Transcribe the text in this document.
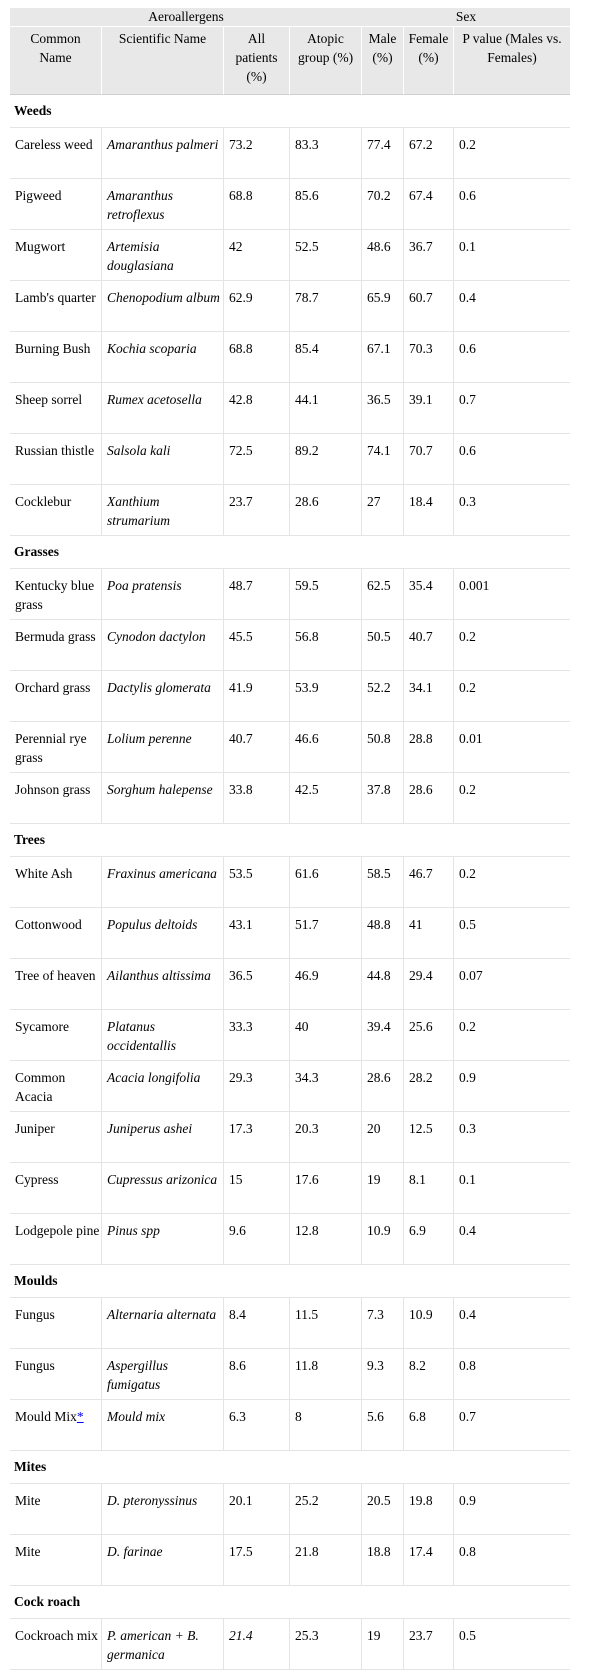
Aeroallergens				Sex		
Common Name	Scientific Name	All patients (%)	Atopic group (%)	Male (%)	Female (%)	P value (Males vs. Females)
Weeds						
Careless weed	Amaranthus palmeri	73.2	83.3	77.4	67.2	0.2
Pigweed	Amaranthus retroflexus	68.8	85.6	70.2	67.4	0.6
Mugwort	Artemisia douglasiana	42	52.5	48.6	36.7	0.1
Lamb's quarter	Chenopodium album	62.9	78.7	65.9	60.7	0.4
Burning Bush	Kochia scoparia	68.8	85.4	67.1	70.3	0.6
Sheep sorrel	Rumex acetosella	42.8	44.1	36.5	39.1	0.7
Russian thistle	Salsola kali	72.5	89.2	74.1	70.7	0.6
Cocklebur	Xanthium strumarium	23.7	28.6	27	18.4	0.3
Grasses						
Kentucky blue grass	Poa pratensis	48.7	59.5	62.5	35.4	0.001
Bermuda grass	Cynodon dactylon	45.5	56.8	50.5	40.7	0.2
Orchard grass	Dactylis glomerata	41.9	53.9	52.2	34.1	0.2
Perennial rye grass	Lolium perenne	40.7	46.6	50.8	28.8	0.01
Johnson grass	Sorghum halepense	33.8	42.5	37.8	28.6	0.2
Trees						
White Ash	Fraxinus americana	53.5	61.6	58.5	46.7	0.2
Cottonwood	Populus deltoids	43.1	51.7	48.8	41	0.5
Tree of heaven	Ailanthus altissima	36.5	46.9	44.8	29.4	0.07
Sycamore	Platanus occidentallis	33.3	40	39.4	25.6	0.2
Common Acacia	Acacia longifolia	29.3	34.3	28.6	28.2	0.9
Juniper	Juniperus ashei	17.3	20.3	20	12.5	0.3
Cypress	Cupressus arizonica	15	17.6	19	8.1	0.1
Lodgepole pine	Pinus spp	9.6	12.8	10.9	6.9	0.4
Moulds						
Fungus	Alternaria alternata	8.4	11.5	7.3	10.9	0.4
Fungus	Aspergillus fumigatus	8.6	11.8	9.3	8.2	0.8
Mould Mix*	Mould mix	6.3	8	5.6	6.8	0.7
Mites						
Mite	D. pteronyssinus	20.1	25.2	20.5	19.8	0.9
Mite	D. farinae	17.5	21.8	18.8	17.4	0.8
Cock roach						
Cockroach mix	P. american + B. germanica	21.4	25.3	19	23.7	0.5
